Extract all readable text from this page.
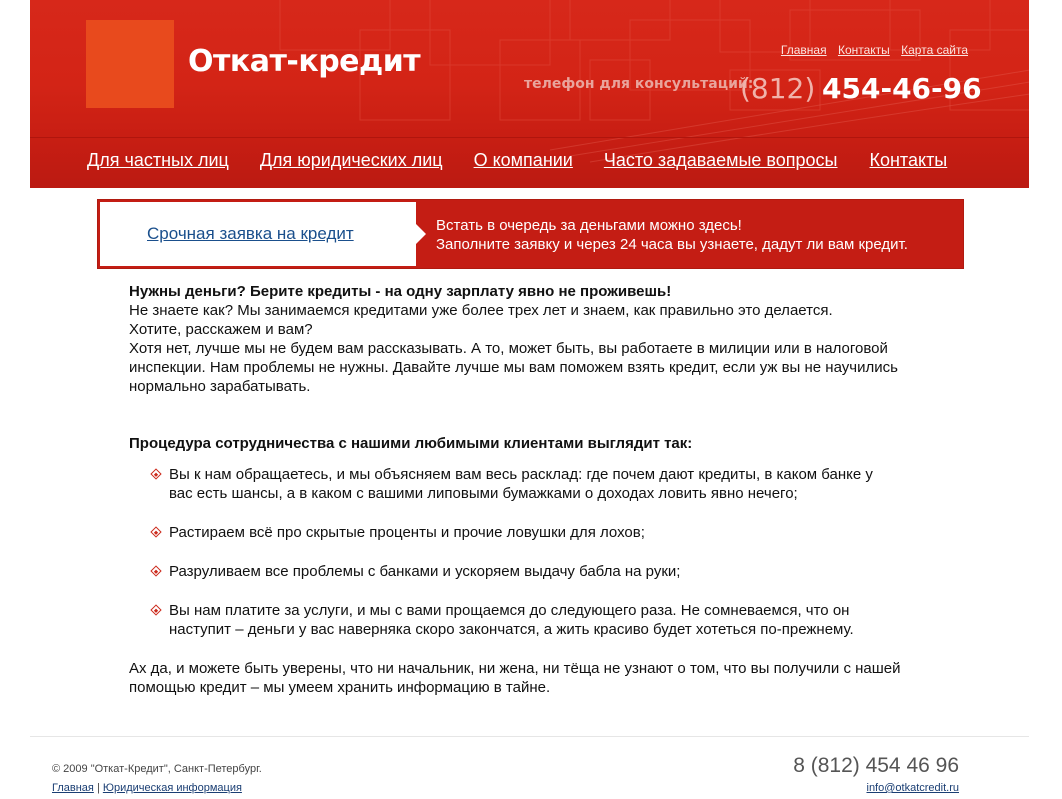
Откат-кредит	Главная Контакты Карта сайта
телефон для консультаций:
(812) 454-46-96
Для частных лиц Для юридических лиц О компании Часто задаваемые вопросы Контакты
Срочная заявка на кредит	Встать в очередь за деньгами можно здесь!
Заполните заявку и через 24 часа вы узнаете, дадут ли вам кредит.

Нужны деньги? Берите кредиты - на одну зарплату явно не проживешь!

Не знаете как? Мы занимаемся кредитами уже более трех лет и знаем, как правильно это делается.
Хотите, расскажем и вам?

Хотя нет, лучше мы не будем вам рассказывать. А то, может быть, вы работаете в милиции или в налоговой
инспекции. Нам проблемы не нужны. Давайте лучше мы вам поможем взять кредит, если уж вы не научились
нормально зарабатывать.

Процедура сотрудничества с нашими любимыми клиентами выглядит так:

Вы к нам обращаетесь, и мы объясняем вам весь расклад: где почем дают кредиты, в каком банке у
вас есть шансы, а в каком с вашими липовыми бумажками о доходах ловить явно нечего;
Растираем всё про скрытые проценты и прочие ловушки для лохов;
Разруливаем все проблемы с банками и ускоряем выдачу бабла на руки;
Вы нам платите за услуги, и мы с вами прощаемся до следующего раза. Не сомневаемся, что он
наступит – деньги у вас наверняка скоро закончатся, а жить красиво будет хотеться по-прежнему.

Ах да, и можете быть уверены, что ни начальник, ни жена, ни тёща не узнают о том, что вы получили с нашей
помощью кредит – мы умеем хранить информацию в тайне.

© 2009 "Откат-Кредит", Санкт-Петербург.
Главная | Юридическая информация
8 (812) 454 46 96
info@otkatcredit.ru
